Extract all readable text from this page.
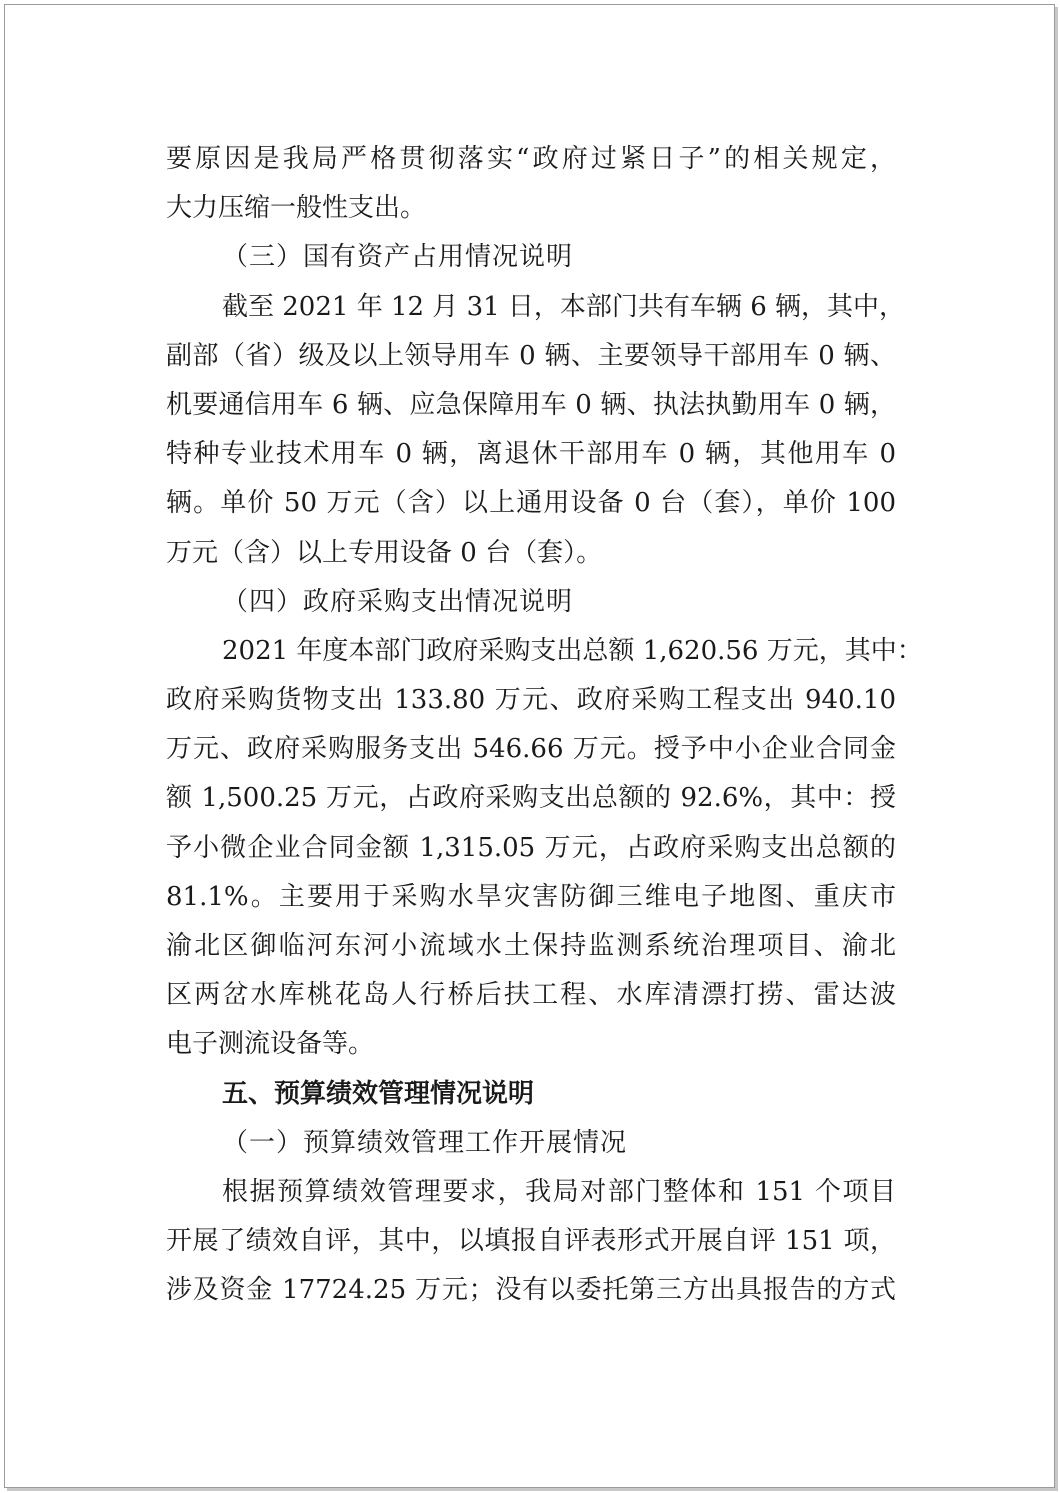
要原因是我局严格贯彻落实“政府过紧日子”的相关规定，
大力压缩一般性支出。
（三）国有资产占用情况说明
截至 2021 年 12 月 31 日，本部门共有车辆 6 辆，其中，
副部（省）级及以上领导用车 0 辆、主要领导干部用车 0 辆、
机要通信用车 6 辆、应急保障用车 0 辆、执法执勤用车 0 辆，
特种专业技术用车 0 辆，离退休干部用车 0 辆，其他用车 0
辆。单价 50 万元（含）以上通用设备 0 台（套），单价 100
万元（含）以上专用设备 0 台（套）。
（四）政府采购支出情况说明
2021 年度本部门政府采购支出总额 1,620.56 万元，其中：
政府采购货物支出 133.80 万元、政府采购工程支出 940.10
万元、政府采购服务支出 546.66 万元。授予中小企业合同金
额 1,500.25 万元，占政府采购支出总额的 92.6%，其中：授
予小微企业合同金额 1,315.05 万元，占政府采购支出总额的
81.1%。主要用于采购水旱灾害防御三维电子地图、重庆市
渝北区御临河东河小流域水土保持监测系统治理项目、渝北
区两岔水库桃花岛人行桥后扶工程、水库清漂打捞、雷达波
电子测流设备等。
五、预算绩效管理情况说明
（一）预算绩效管理工作开展情况
根据预算绩效管理要求，我局对部门整体和 151 个项目
开展了绩效自评，其中，以填报自评表形式开展自评 151 项，
涉及资金 17724.25 万元；没有以委托第三方出具报告的方式
